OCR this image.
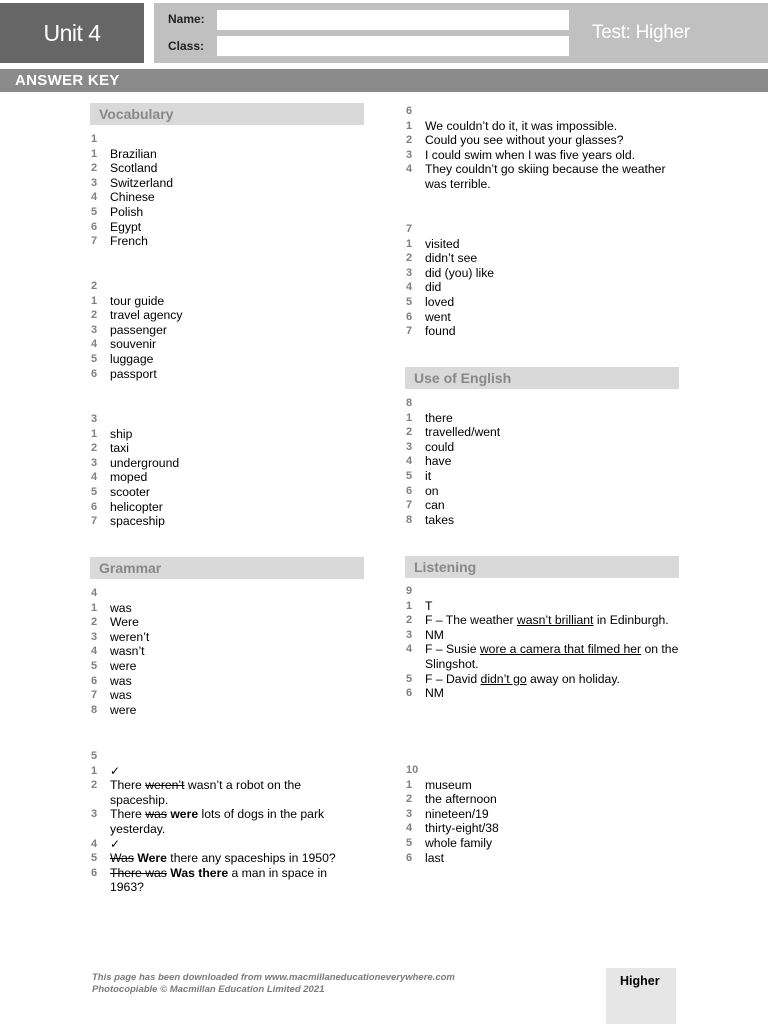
Unit 4
Name:
Class:
Test: Higher
ANSWER KEY
Vocabulary
1
1	Brazilian
2	Scotland
3	Switzerland
4	Chinese
5	Polish
6	Egypt
7	French
2
1	tour guide
2	travel agency
3	passenger
4	souvenir
5	luggage
6	passport
3
1	ship
2	taxi
3	underground
4	moped
5	scooter
6	helicopter
7	spaceship
Grammar
4
1	was
2	Were
3	weren’t
4	wasn’t
5	were
6	was
7	was
8	were
5
1	✓
2	There weren’t wasn’t a robot on the spaceship.
3	There was were lots of dogs in the park yesterday.
4	✓
5	Was Were there any spaceships in 1950?
6	There was Was there a man in space in 1963?
6
1	We couldn’t do it, it was impossible.
2	Could you see without your glasses?
3	I could swim when I was five years old.
4	They couldn’t go skiing because the weather was terrible.
7
1	visited
2	didn’t see
3	did (you) like
4	did
5	loved
6	went
7	found
Use of English
8
1	there
2	travelled/went
3	could
4	have
5	it
6	on
7	can
8	takes
Listening
9
1	T
2	F – The weather wasn’t brilliant in Edinburgh.
3	NM
4	F – Susie wore a camera that filmed her on the Slingshot.
5	F – David didn’t go away on holiday.
6	NM
10
1	museum
2	the afternoon
3	nineteen/19
4	thirty-eight/38
5	whole family
6	last
This page has been downloaded from www.macmillaneducationeverywhere.com
Photocopiable © Macmillan Education Limited 2021
Higher
